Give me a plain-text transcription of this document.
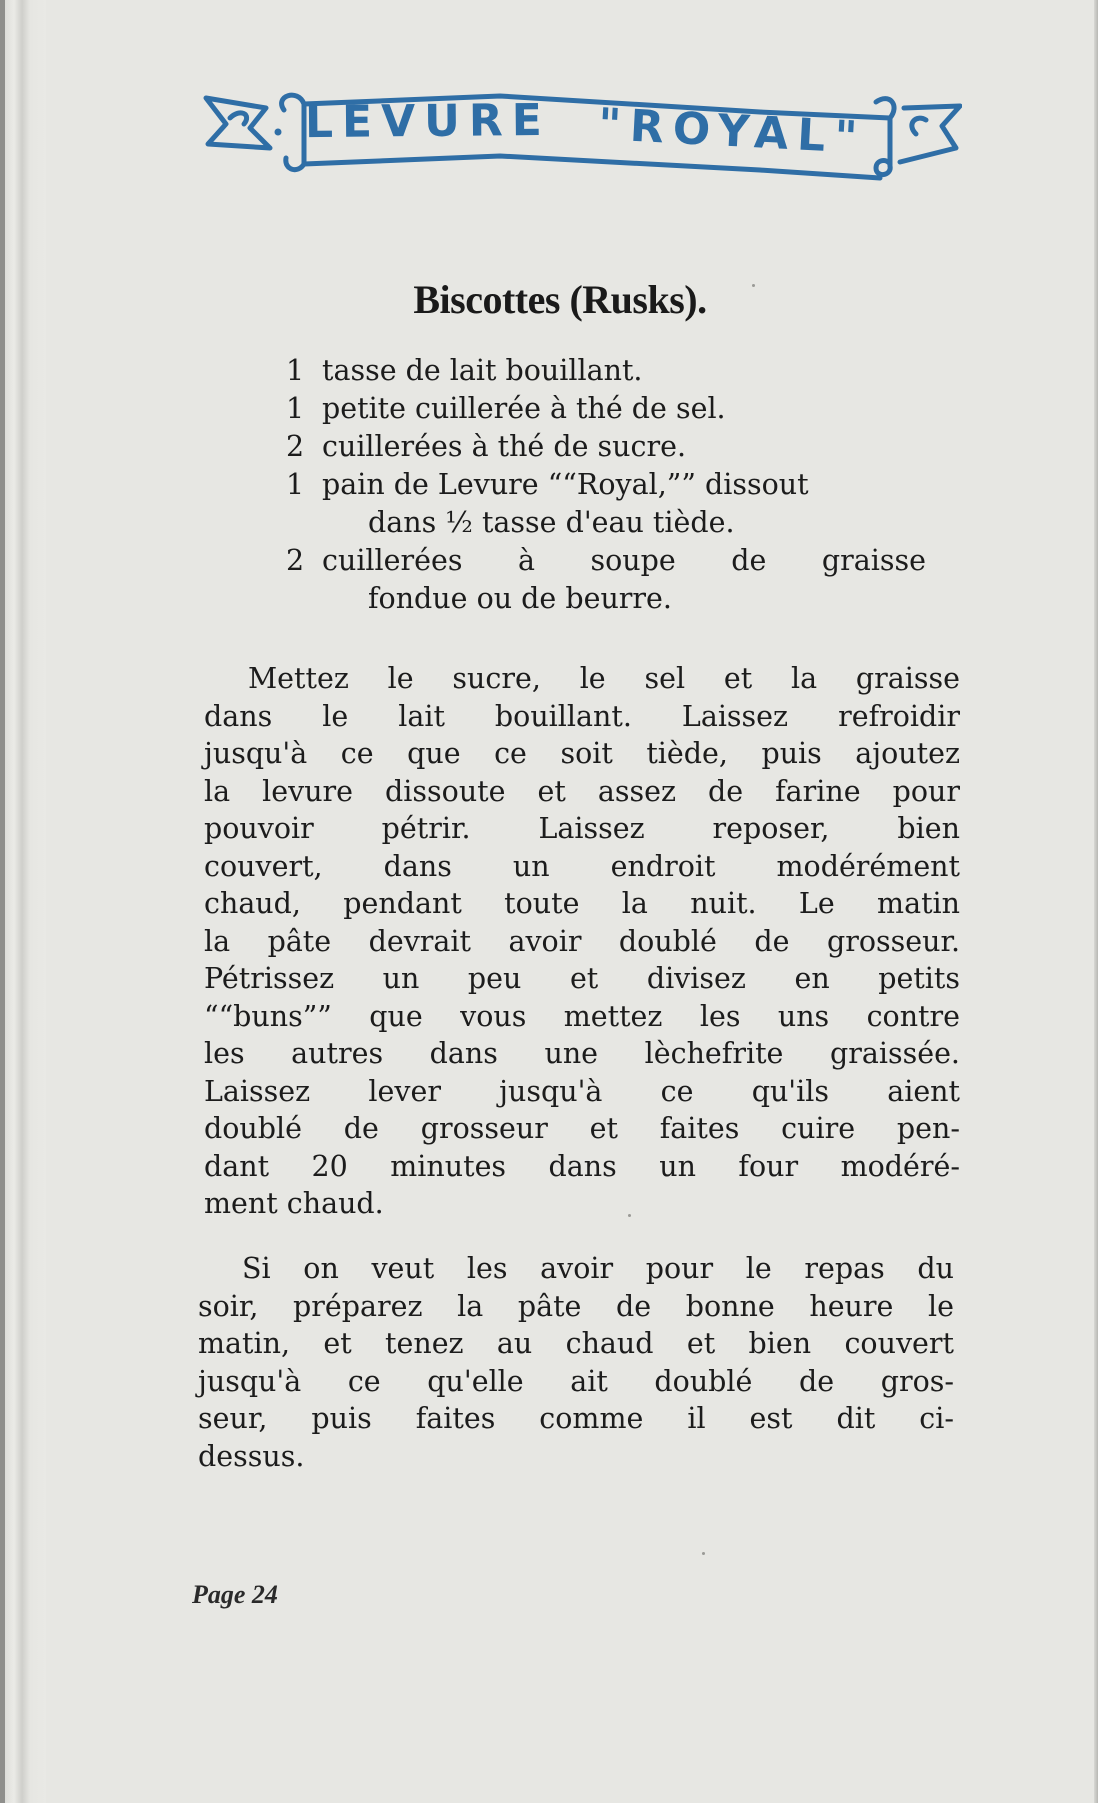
LEVURE "ROYAL"
Biscottes (Rusks).
1 tasse de lait bouillant.
1 petite cuillerée à thé de sel.
2 cuillerées à thé de sucre.
1 pain de Levure ““Royal,”” dissout
dans ½ tasse d'eau tiède.
2 cuillerées à soupe de graisse
fondue ou de beurre.
Mettez le sucre, le sel et la graisse
dans le lait bouillant. Laissez refroidir
jusqu'à ce que ce soit tiède, puis ajoutez
la levure dissoute et assez de farine pour
pouvoir pétrir. Laissez reposer, bien
couvert, dans un endroit modérément
chaud, pendant toute la nuit. Le matin
la pâte devrait avoir doublé de grosseur.
Pétrissez un peu et divisez en petits
““buns”” que vous mettez les uns contre
les autres dans une lèchefrite graissée.
Laissez lever jusqu'à ce qu'ils aient
doublé de grosseur et faites cuire pen-
dant 20 minutes dans un four modéré-
ment chaud.
Si on veut les avoir pour le repas du
soir, préparez la pâte de bonne heure le
matin, et tenez au chaud et bien couvert
jusqu'à ce qu'elle ait doublé de gros-
seur, puis faites comme il est dit ci-
dessus.
Page 24
